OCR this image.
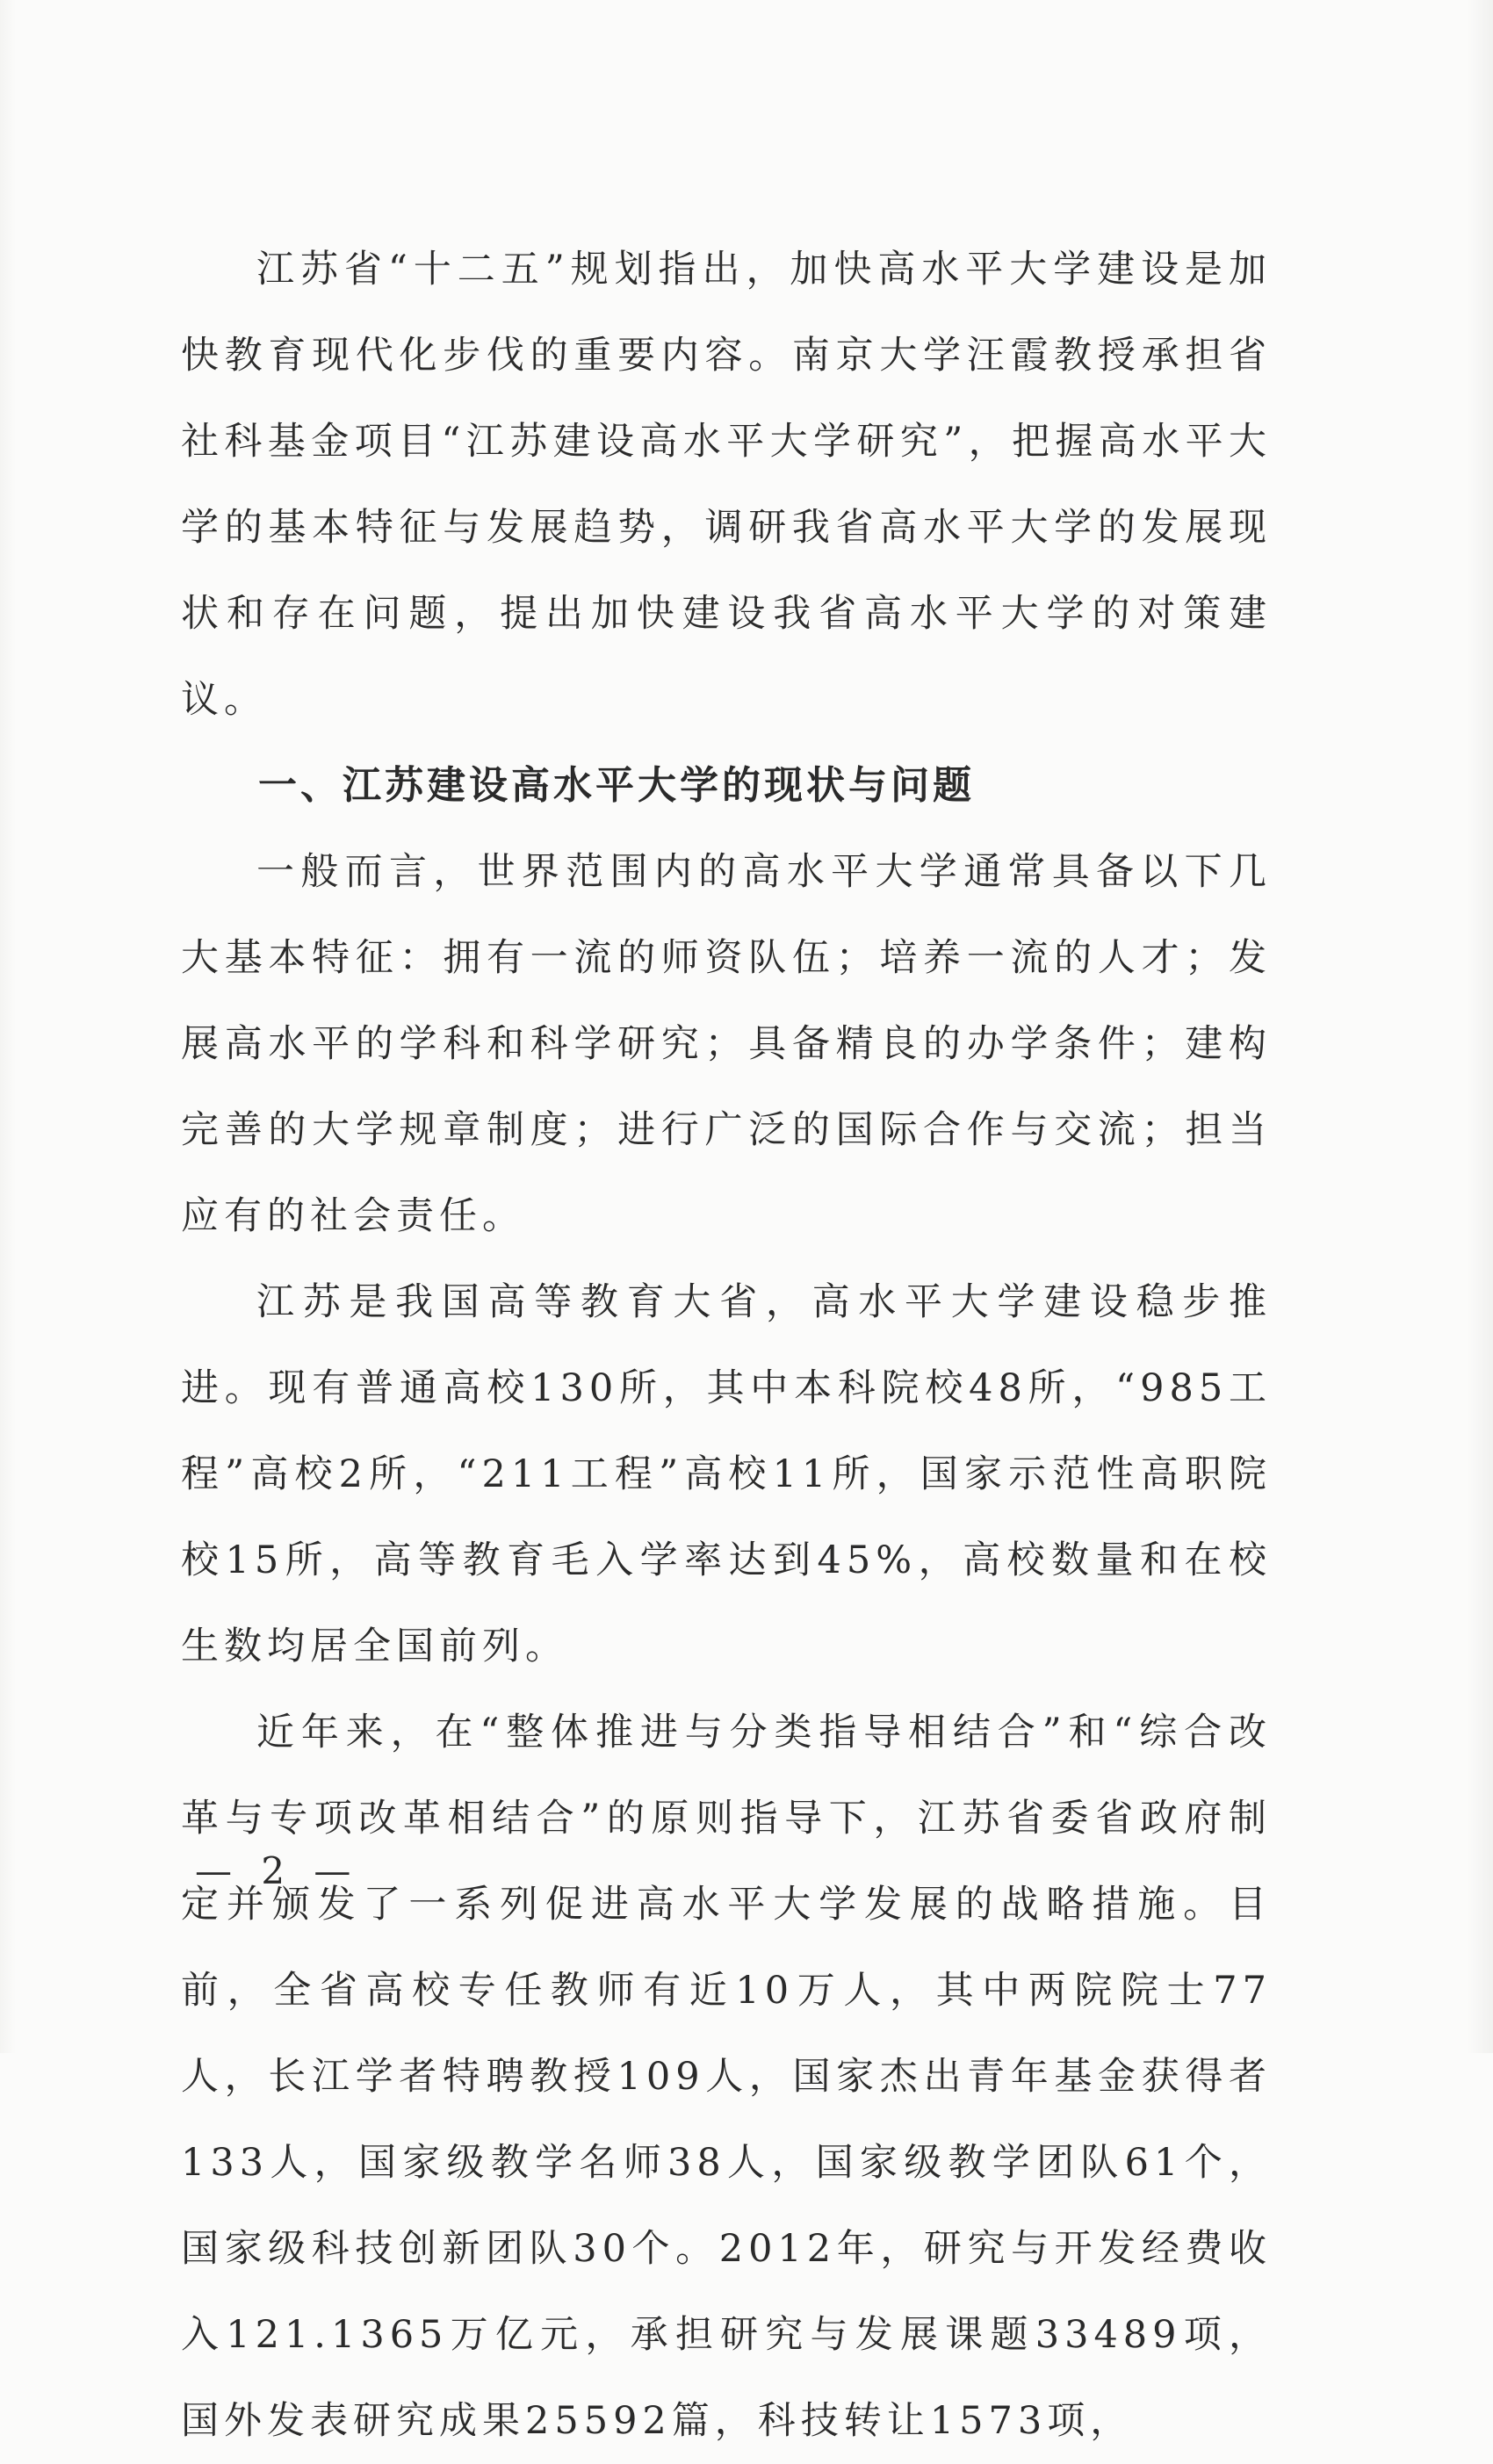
江苏省“十二五”规划指出，加快高水平大学建设是加快教育现代化步伐的重要内容。南京大学汪霞教授承担省社科基金项目“江苏建设高水平大学研究”，把握高水平大学的基本特征与发展趋势，调研我省高水平大学的发展现状和存在问题，提出加快建设我省高水平大学的对策建议。

一、江苏建设高水平大学的现状与问题

一般而言，世界范围内的高水平大学通常具备以下几大基本特征：拥有一流的师资队伍；培养一流的人才；发展高水平的学科和科学研究；具备精良的办学条件；建构完善的大学规章制度；进行广泛的国际合作与交流；担当应有的社会责任。

江苏是我国高等教育大省，高水平大学建设稳步推进。现有普通高校130所，其中本科院校48所，“985工程”高校2所，“211工程”高校11所，国家示范性高职院校15所，高等教育毛入学率达到45%，高校数量和在校生数均居全国前列。

近年来，在“整体推进与分类指导相结合”和“综合改革与专项改革相结合”的原则指导下，江苏省委省政府制定并颁发了一系列促进高水平大学发展的战略措施。目前，全省高校专任教师有近10万人，其中两院院士77人，长江学者特聘教授109人，国家杰出青年基金获得者133人，国家级教学名师38人，国家级教学团队61个，国家级科技创新团队30个。2012年，研究与开发经费收入121.1365万亿元，承担研究与发展课题33489项，国外发表研究成果25592篇，科技转让1573项，

— 2 —
